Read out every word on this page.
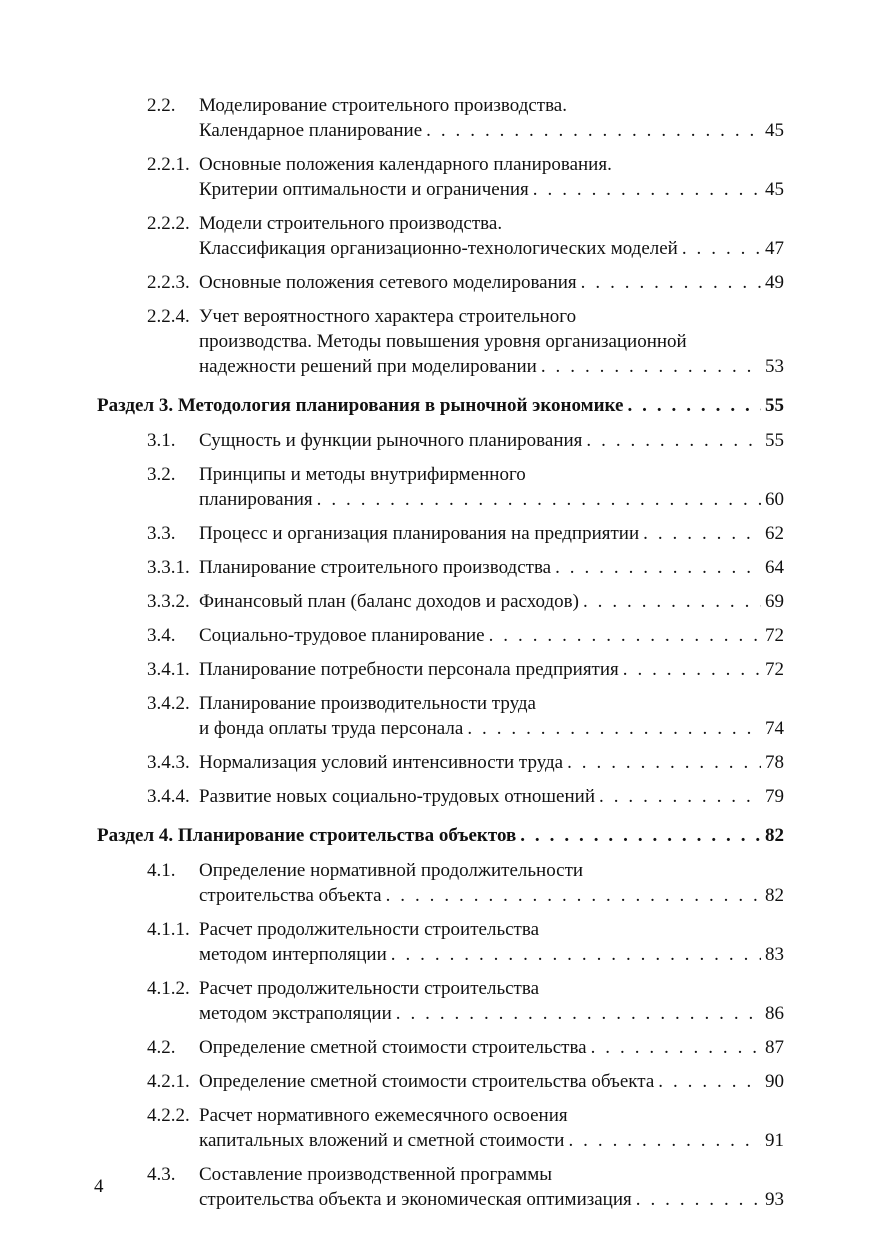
2.2. Моделирование строительного производства.
Календарное планирование . . .	45
2.2.1. Основные положения календарного планирования.
Критерии оптимальности и ограничения . . .	45
2.2.2. Модели строительного производства.
Классификация организационно-технологических моделей . . .	47
2.2.3. Основные положения сетевого моделирования . . .	49
2.2.4. Учет вероятностного характера строительного
производства. Методы повышения уровня организационной
надежности решений при моделировании . . .	53
Раздел 3. Методология планирования в рыночной экономике . . .	55
3.1. Сущность и функции рыночного планирования . . .	55
3.2. Принципы и методы внутрифирменного
планирования . . .	60
3.3. Процесс и организация планирования на предприятии . . .	62
3.3.1. Планирование строительного производства . . .	64
3.3.2. Финансовый план (баланс доходов и расходов) . . .	69
3.4. Социально-трудовое планирование . . .	72
3.4.1. Планирование потребности персонала предприятия . . .	72
3.4.2. Планирование производительности труда
и фонда оплаты труда персонала . . .	74
3.4.3. Нормализация условий интенсивности труда . . .	78
3.4.4. Развитие новых социально-трудовых отношений . . .	79
Раздел 4. Планирование строительства объектов . . .	82
4.1. Определение нормативной продолжительности
строительства объекта . . .	82
4.1.1. Расчет продолжительности строительства
методом интерполяции . . .	83
4.1.2. Расчет продолжительности строительства
методом экстраполяции . . .	86
4.2. Определение сметной стоимости строительства . . .	87
4.2.1. Определение сметной стоимости строительства объекта . . .	90
4.2.2. Расчет нормативного ежемесячного освоения
капитальных вложений и сметной стоимости . . .	91
4.3. Составление производственной программы
строительства объекта и экономическая оптимизация . . .	93
4
